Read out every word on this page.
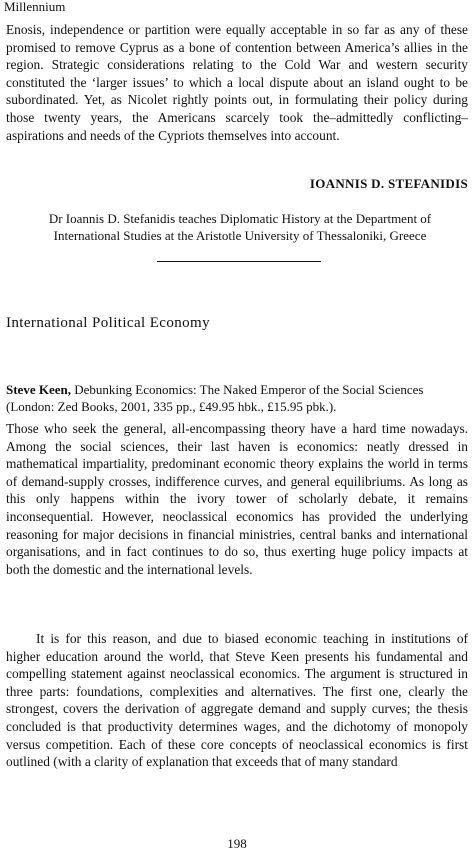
Millennium

Enosis, independence or partition were equally acceptable in so far as any of these promised to remove Cyprus as a bone of contention between America’s allies in the region. Strategic considerations relating to the Cold War and western security constituted the ‘larger issues’ to which a local dispute about an island ought to be subordinated. Yet, as Nicolet rightly points out, in formulating their policy during those twenty years, the Americans scarcely took the–admittedly conflicting–aspirations and needs of the Cypriots themselves into account.

IOANNIS D. STEFANIDIS

Dr Ioannis D. Stefanidis teaches Diplomatic History at the Department of International Studies at the Aristotle University of Thessaloniki, Greece

International Political Economy

Steve Keen, Debunking Economics: The Naked Emperor of the Social Sciences (London: Zed Books, 2001, 335 pp., £49.95 hbk., £15.95 pbk.).

Those who seek the general, all-encompassing theory have a hard time nowadays. Among the social sciences, their last haven is economics: neatly dressed in mathematical impartiality, predominant economic theory explains the world in terms of demand-supply crosses, indifference curves, and general equilibriums. As long as this only happens within the ivory tower of scholarly debate, it remains inconsequential. However, neoclassical economics has provided the underlying reasoning for major decisions in financial ministries, central banks and international organisations, and in fact continues to do so, thus exerting huge policy impacts at both the domestic and the international levels.

It is for this reason, and due to biased economic teaching in institutions of higher education around the world, that Steve Keen presents his fundamental and compelling statement against neoclassical economics. The argument is structured in three parts: foundations, complexities and alternatives. The first one, clearly the strongest, covers the derivation of aggregate demand and supply curves; the thesis concluded is that productivity determines wages, and the dichotomy of monopoly versus competition. Each of these core concepts of neoclassical economics is first outlined (with a clarity of explanation that exceeds that of many standard

198
